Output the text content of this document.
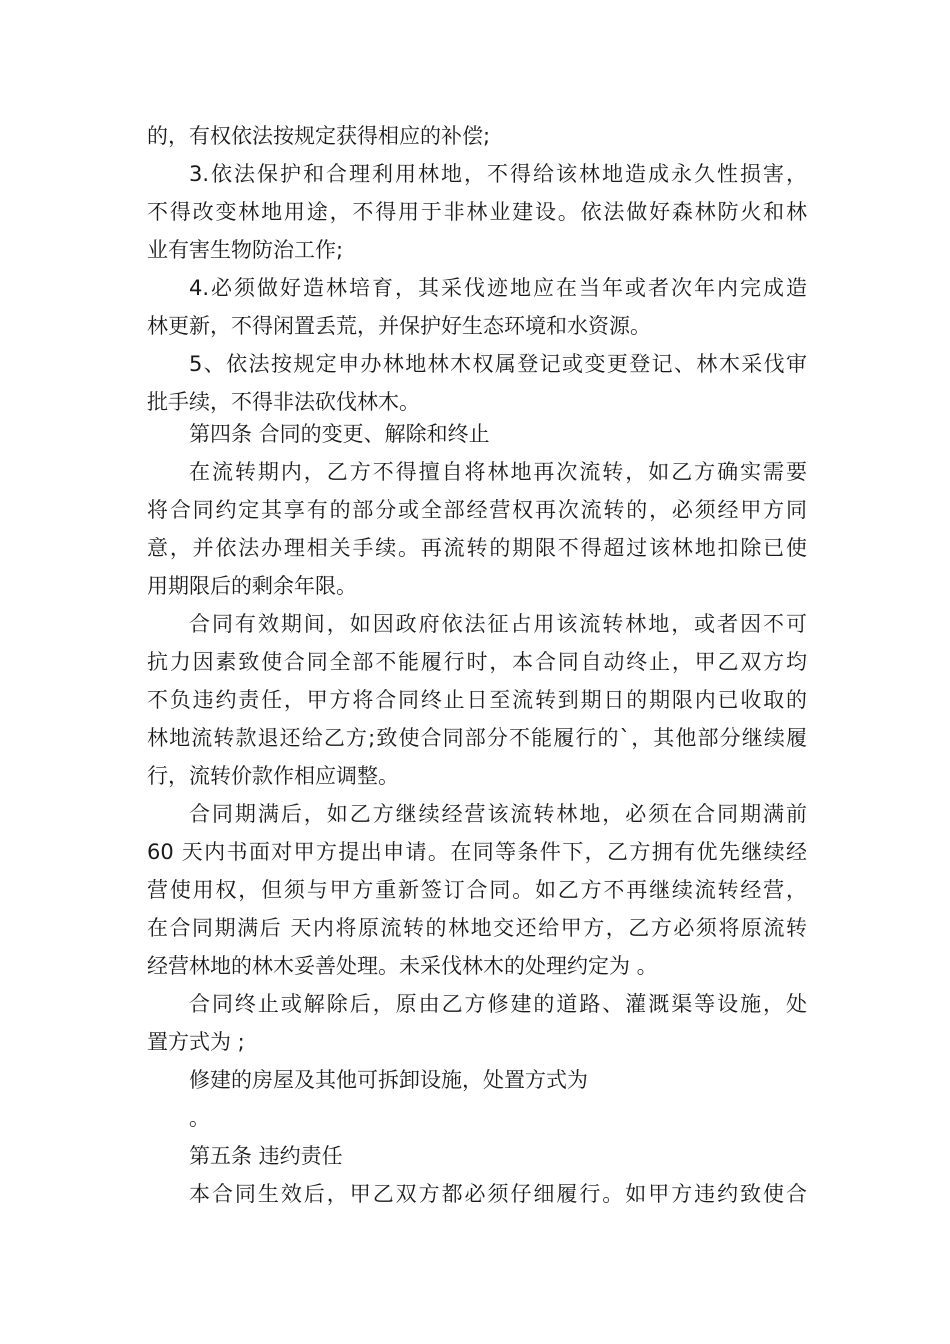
的，有权依法按规定获得相应的补偿;
3.依法保护和合理利用林地，不得给该林地造成永久性损害，
不得改变林地用途，不得用于非林业建设。依法做好森林防火和林
业有害生物防治工作;
4.必须做好造林培育，其采伐迹地应在当年或者次年内完成造
林更新，不得闲置丢荒，并保护好生态环境和水资源。
5、依法按规定申办林地林木权属登记或变更登记、林木采伐审
批手续，不得非法砍伐林木。
第四条 合同的变更、解除和终止
在流转期内，乙方不得擅自将林地再次流转，如乙方确实需要
将合同约定其享有的部分或全部经营权再次流转的，必须经甲方同
意，并依法办理相关手续。再流转的期限不得超过该林地扣除已使
用期限后的剩余年限。
合同有效期间，如因政府依法征占用该流转林地，或者因不可
抗力因素致使合同全部不能履行时，本合同自动终止，甲乙双方均
不负违约责任，甲方将合同终止日至流转到期日的期限内已收取的
林地流转款退还给乙方;致使合同部分不能履行的`，其他部分继续履
行，流转价款作相应调整。
合同期满后，如乙方继续经营该流转林地，必须在合同期满前
60 天内书面对甲方提出申请。在同等条件下，乙方拥有优先继续经
营使用权，但须与甲方重新签订合同。如乙方不再继续流转经营，
在合同期满后 天内将原流转的林地交还给甲方，乙方必须将原流转
经营林地的林木妥善处理。未采伐林木的处理约定为 。
合同终止或解除后，原由乙方修建的道路、灌溉渠等设施，处
置方式为 ;
修建的房屋及其他可拆卸设施，处置方式为
。
第五条 违约责任
本合同生效后，甲乙双方都必须仔细履行。如甲方违约致使合
